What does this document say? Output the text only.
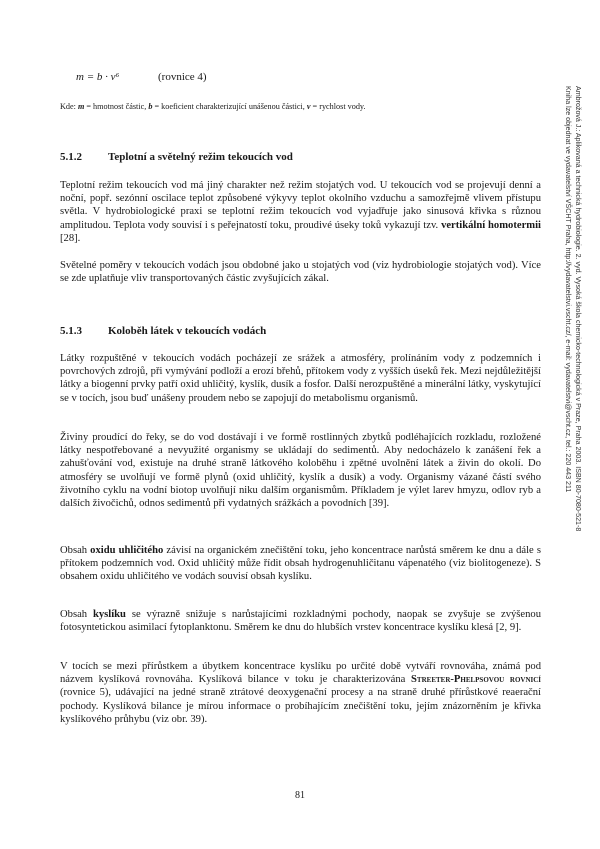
m = b · v⁶	(rovnice 4)
Kde: m = hmotnost částic, b = koeficient charakterizující unášenou částici, v = rychlost vody.
5.1.2 Teplotní a světelný režim tekoucích vod

Teplotní režim tekoucích vod má jiný charakter než režim stojatých vod. U tekoucích vod se projevují denní a noční, popř. sezónní oscilace teplot způsobené výkyvy teplot okolního vzduchu a samozřejmě vlivem přístupu světla. V hydrobiologické praxi se teplotní režim tekoucích vod vyjadřuje jako sinusová křivka s různou amplitudou. Teplota vody souvisí i s peřejnatostí toku, proudivé úseky toků vykazují tzv. vertikální homotermii [28].

Světelné poměry v tekoucích vodách jsou obdobné jako u stojatých vod (viz hydrobiologie stojatých vod). Více se zde uplatňuje vliv transportovaných částic zvyšujících zákal.

5.1.3 Koloběh látek v tekoucích vodách

Látky rozpuštěné v tekoucích vodách pocházejí ze srážek a atmosféry, prolínáním vody z podzemních i povrchových zdrojů, při vymývání podloží a erozí břehů, přítokem vody z vyšších úseků řek. Mezi nejdůležitější látky a biogenní prvky patří oxid uhličitý, kyslík, dusík a fosfor. Další nerozpuštěné a minerální látky, vyskytující se v tocích, jsou buď unášeny proudem nebo se zapojují do metabolismu organismů.

Živiny proudící do řeky, se do vod dostávají i ve formě rostlinných zbytků podléhajících rozkladu, rozložené látky nespotřebované a nevyužité organismy se ukládají do sedimentů. Aby nedocházelo k zanášení řek a zahušťování vod, existuje na druhé straně látkového koloběhu i zpětné uvolnění látek a živin do okolí. Do atmosféry se uvolňují ve formě plynů (oxid uhličitý, kyslík a dusík) a vody. Organismy vázané částí svého životního cyklu na vodní biotop uvolňují niku dalším organismům. Příkladem je výlet larev hmyzu, odlov ryb a dalších živočichů, odnos sedimentů při vydatných srážkách a povodních [39].

Obsah oxidu uhličitého závisí na organickém znečištění toku, jeho koncentrace narůstá směrem ke dnu a dále s přítokem podzemních vod. Oxid uhličitý může řídit obsah hydrogenuhličitanu vápenatého (viz biolitogeneze). S obsahem oxidu uhličitého ve vodách souvisí obsah kyslíku.

Obsah kyslíku se výrazně snižuje s narůstajícími rozkladnými pochody, naopak se zvyšuje se zvýšenou fotosyntetickou asimilací fytoplanktonu. Směrem ke dnu do hlubších vrstev koncentrace kyslíku klesá [2, 9].

V tocích se mezi přírůstkem a úbytkem koncentrace kyslíku po určité době vytváří rovnováha, známá pod názvem kyslíková rovnováha. Kyslíková bilance v toku je charakterizována Streeter-Phelpsovou rovnicí (rovnice 5), udávající na jedné straně ztrátové deoxygenační procesy a na straně druhé přírůstkové reaerační pochody. Kyslíková bilance je mírou informace o probíhajícím znečištění toku, jejím znázorněním je křivka kyslíkového průhybu (viz obr. 39).

81
Ambrožová J.: Aplikovaná a technická hydrobiologie. 2. vyd. Vysoká škola chemicko-technologická v Praze, Praha 2003. ISBN 80-7080-521-8
Kniha lze objednat ve vydavatelství VŠCHT Praha, http://vydavatelstvi.vscht.cz/, e-mail: vydavatelstvi@vscht.cz, tel.: 220 443 211
